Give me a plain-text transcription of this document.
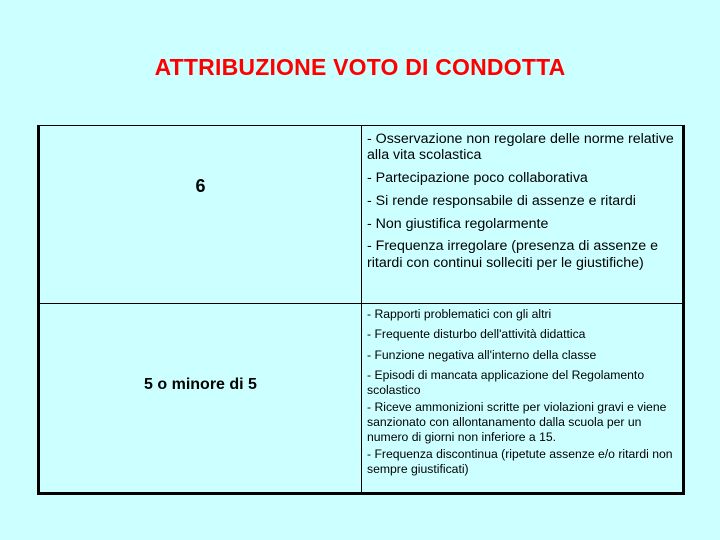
ATTRIBUZIONE VOTO DI CONDOTTA
6
- Osservazione non regolare delle norme relative alla vita scolastica
- Partecipazione poco collaborativa
- Si rende responsabile di assenze e ritardi
- Non giustifica regolarmente
- Frequenza irregolare (presenza di assenze e ritardi con continui solleciti per le giustifiche)
5 o minore di 5
- Rapporti problematici con gli altri
- Frequente disturbo dell'attività didattica
- Funzione negativa all'interno della classe
- Episodi di mancata applicazione del Regolamento scolastico
- Riceve ammonizioni scritte per violazioni gravi e viene sanzionato con allontanamento dalla scuola per un numero di giorni non inferiore a 15.
- Frequenza discontinua (ripetute assenze e/o ritardi non sempre giustificati)
